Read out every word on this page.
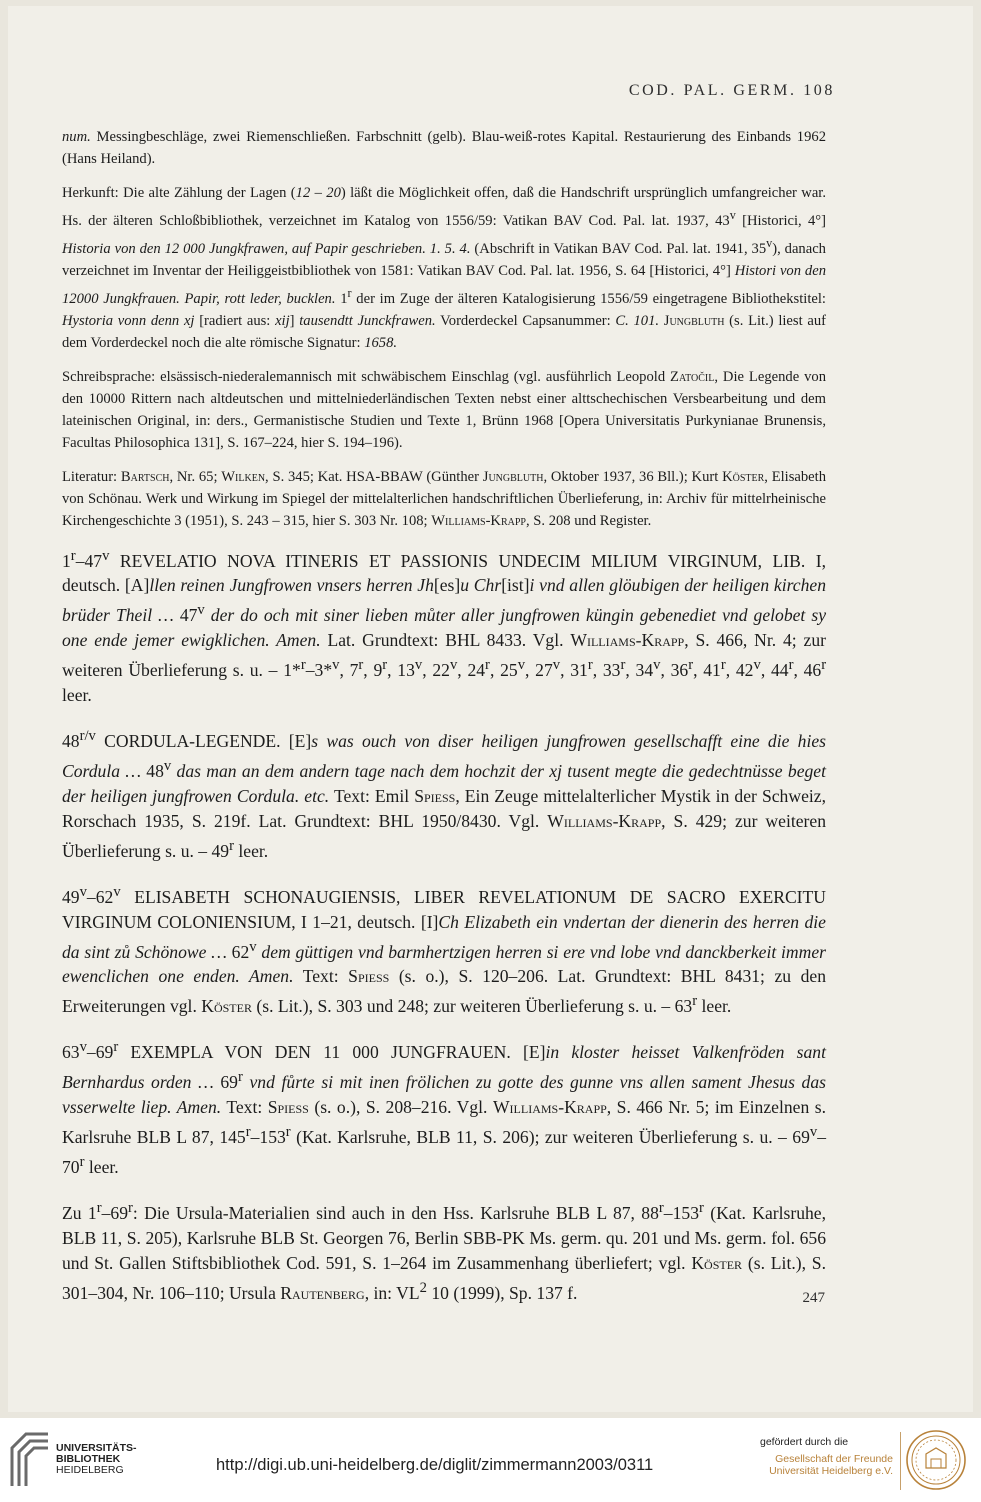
COD. PAL. GERM. 108

num. Messingbeschläge, zwei Riemenschließen. Farbschnitt (gelb). Blau-weiß-rotes Kapital. Restaurierung des Einbands 1962 (Hans Heiland).

Herkunft: Die alte Zählung der Lagen (12 – 20) läßt die Möglichkeit offen, daß die Handschrift ursprünglich umfangreicher war. Hs. der älteren Schloßbibliothek, verzeichnet im Katalog von 1556/59: Vatikan BAV Cod. Pal. lat. 1937, 43$^v$ [Historici, 4°] Historia von den 12 000 Jungkfrawen, auf Papir geschrieben. 1. 5. 4. (Abschrift in Vatikan BAV Cod. Pal. lat. 1941, 35$^v$), danach verzeichnet im Inventar der Heiliggeistbibliothek von 1581: Vatikan BAV Cod. Pal. lat. 1956, S. 64 [Historici, 4°] Histori von den 12000 Jungkfrauen. Papir, rott leder, bucklen. 1$^r$ der im Zuge der älteren Katalogisierung 1556/59 eingetragene Bibliothekstitel: Hystoria vonn denn xj [radiert aus: xij] tausendtt Junckfrawen. Vorderdeckel Capsanummer: C. 101. Jungbluth (s. Lit.) liest auf dem Vorderdeckel noch die alte römische Signatur: 1658.

Schreibsprache: elsässisch-niederalemannisch mit schwäbischem Einschlag (vgl. ausführlich Leopold Zatočil, Die Legende von den 10000 Rittern nach altdeutschen und mittelniederländischen Texten nebst einer alttschechischen Versbearbeitung und dem lateinischen Original, in: ders., Germanistische Studien und Texte 1, Brünn 1968 [Opera Universitatis Purkynianae Brunensis, Facultas Philosophica 131], S. 167–224, hier S. 194–196).

Literatur: Bartsch, Nr. 65; Wilken, S. 345; Kat. HSA-BBAW (Günther Jungbluth, Oktober 1937, 36 Bll.); Kurt Köster, Elisabeth von Schönau. Werk und Wirkung im Spiegel der mittelalterlichen handschriftlichen Überlieferung, in: Archiv für mittelrheinische Kirchengeschichte 3 (1951), S. 243 – 315, hier S. 303 Nr. 108; Williams-Krapp, S. 208 und Register.

1$^r$–47$^v$ REVELATIO NOVA ITINERIS ET PASSIONIS UNDECIM MILIUM VIRGINUM, LIB. I, deutsch. [A]llen reinen Jungfrowen vnsers herren Jh[es]u Chr[ist]i vnd allen glöubigen der heiligen kirchen brüder Theil … 47$^v$ der do och mit siner lieben můter aller jungfrowen küngin gebenediet vnd gelobet sy one ende jemer ewigklichen. Amen. Lat. Grundtext: BHL 8433. Vgl. Williams-Krapp, S. 466, Nr. 4; zur weiteren Überlieferung s. u. – 1*$^r$–3*$^v$, 7$^r$, 9$^r$, 13$^v$, 22$^v$, 24$^r$, 25$^v$, 27$^v$, 31$^r$, 33$^r$, 34$^v$, 36$^r$, 41$^r$, 42$^v$, 44$^r$, 46$^r$ leer.

$48^{r/v}$ CORDULA-LEGENDE. [E]s was ouch von diser heiligen jungfrowen gesellschafft eine die hies Cordula … 48$^v$ das man an dem andern tage nach dem hochzit der xj tusent megte die gedechtnüsse beget der heiligen jungfrowen Cordula. etc. Text: Emil Spiess, Ein Zeuge mittelalterlicher Mystik in der Schweiz, Rorschach 1935, S. 219f. Lat. Grundtext: BHL 1950/8430. Vgl. Williams-Krapp, S. 429; zur weiteren Überlieferung s. u. – 49$^r$ leer.

49$^v$–62$^v$ ELISABETH SCHONAUGIENSIS, LIBER REVELATIONUM DE SACRO EXERCITU VIRGINUM COLONIENSIUM, I 1–21, deutsch. [I]Ch Elizabeth ein vndertan der dienerin des herren die da sint zů Schönowe … 62$^v$ dem güttigen vnd barmhertzigen herren si ere vnd lobe vnd danckberkeit immer ewenclichen one enden. Amen. Text: Spiess (s. o.), S. 120–206. Lat. Grundtext: BHL 8431; zu den Erweiterungen vgl. Köster (s. Lit.), S. 303 und 248; zur weiteren Überlieferung s. u. – 63$^r$ leer.

63$^v$–69$^r$ EXEMPLA VON DEN 11 000 JUNGFRAUEN. [E]in kloster heisset Valkenfröden sant Bernhardus orden … 69$^r$ vnd fůrte si mit inen frölichen zu gotte des gunne vns allen sament Jhesus das vsserwelte liep. Amen. Text: Spiess (s. o.), S. 208–216. Vgl. Williams-Krapp, S. 466 Nr. 5; im Einzelnen s. Karlsruhe BLB L 87, 145$^r$–153$^r$ (Kat. Karlsruhe, BLB 11, S. 206); zur weiteren Überlieferung s. u. – 69$^v$–70$^r$ leer.

Zu 1$^r$–69$^r$: Die Ursula-Materialien sind auch in den Hss. Karlsruhe BLB L 87, 88$^r$–153$^r$ (Kat. Karlsruhe, BLB 11, S. 205), Karlsruhe BLB St. Georgen 76, Berlin SBB-PK Ms. germ. qu. 201 und Ms. germ. fol. 656 und St. Gallen Stiftsbibliothek Cod. 591, S. 1–264 im Zusammenhang überliefert; vgl. Köster (s. Lit.), S. 301–304, Nr. 106–110; Ursula Rautenberg, in: $VL^2$ 10 (1999), Sp. 137 f.	247
UNIVERSITÄTS-
BIBLIOTHEK
HEIDELBERG	http://digi.ub.uni-heidelberg.de/diglit/zimmermann2003/0311
gefördert durch die
Gesellschaft der Freunde
Universität Heidelberg e.V.
